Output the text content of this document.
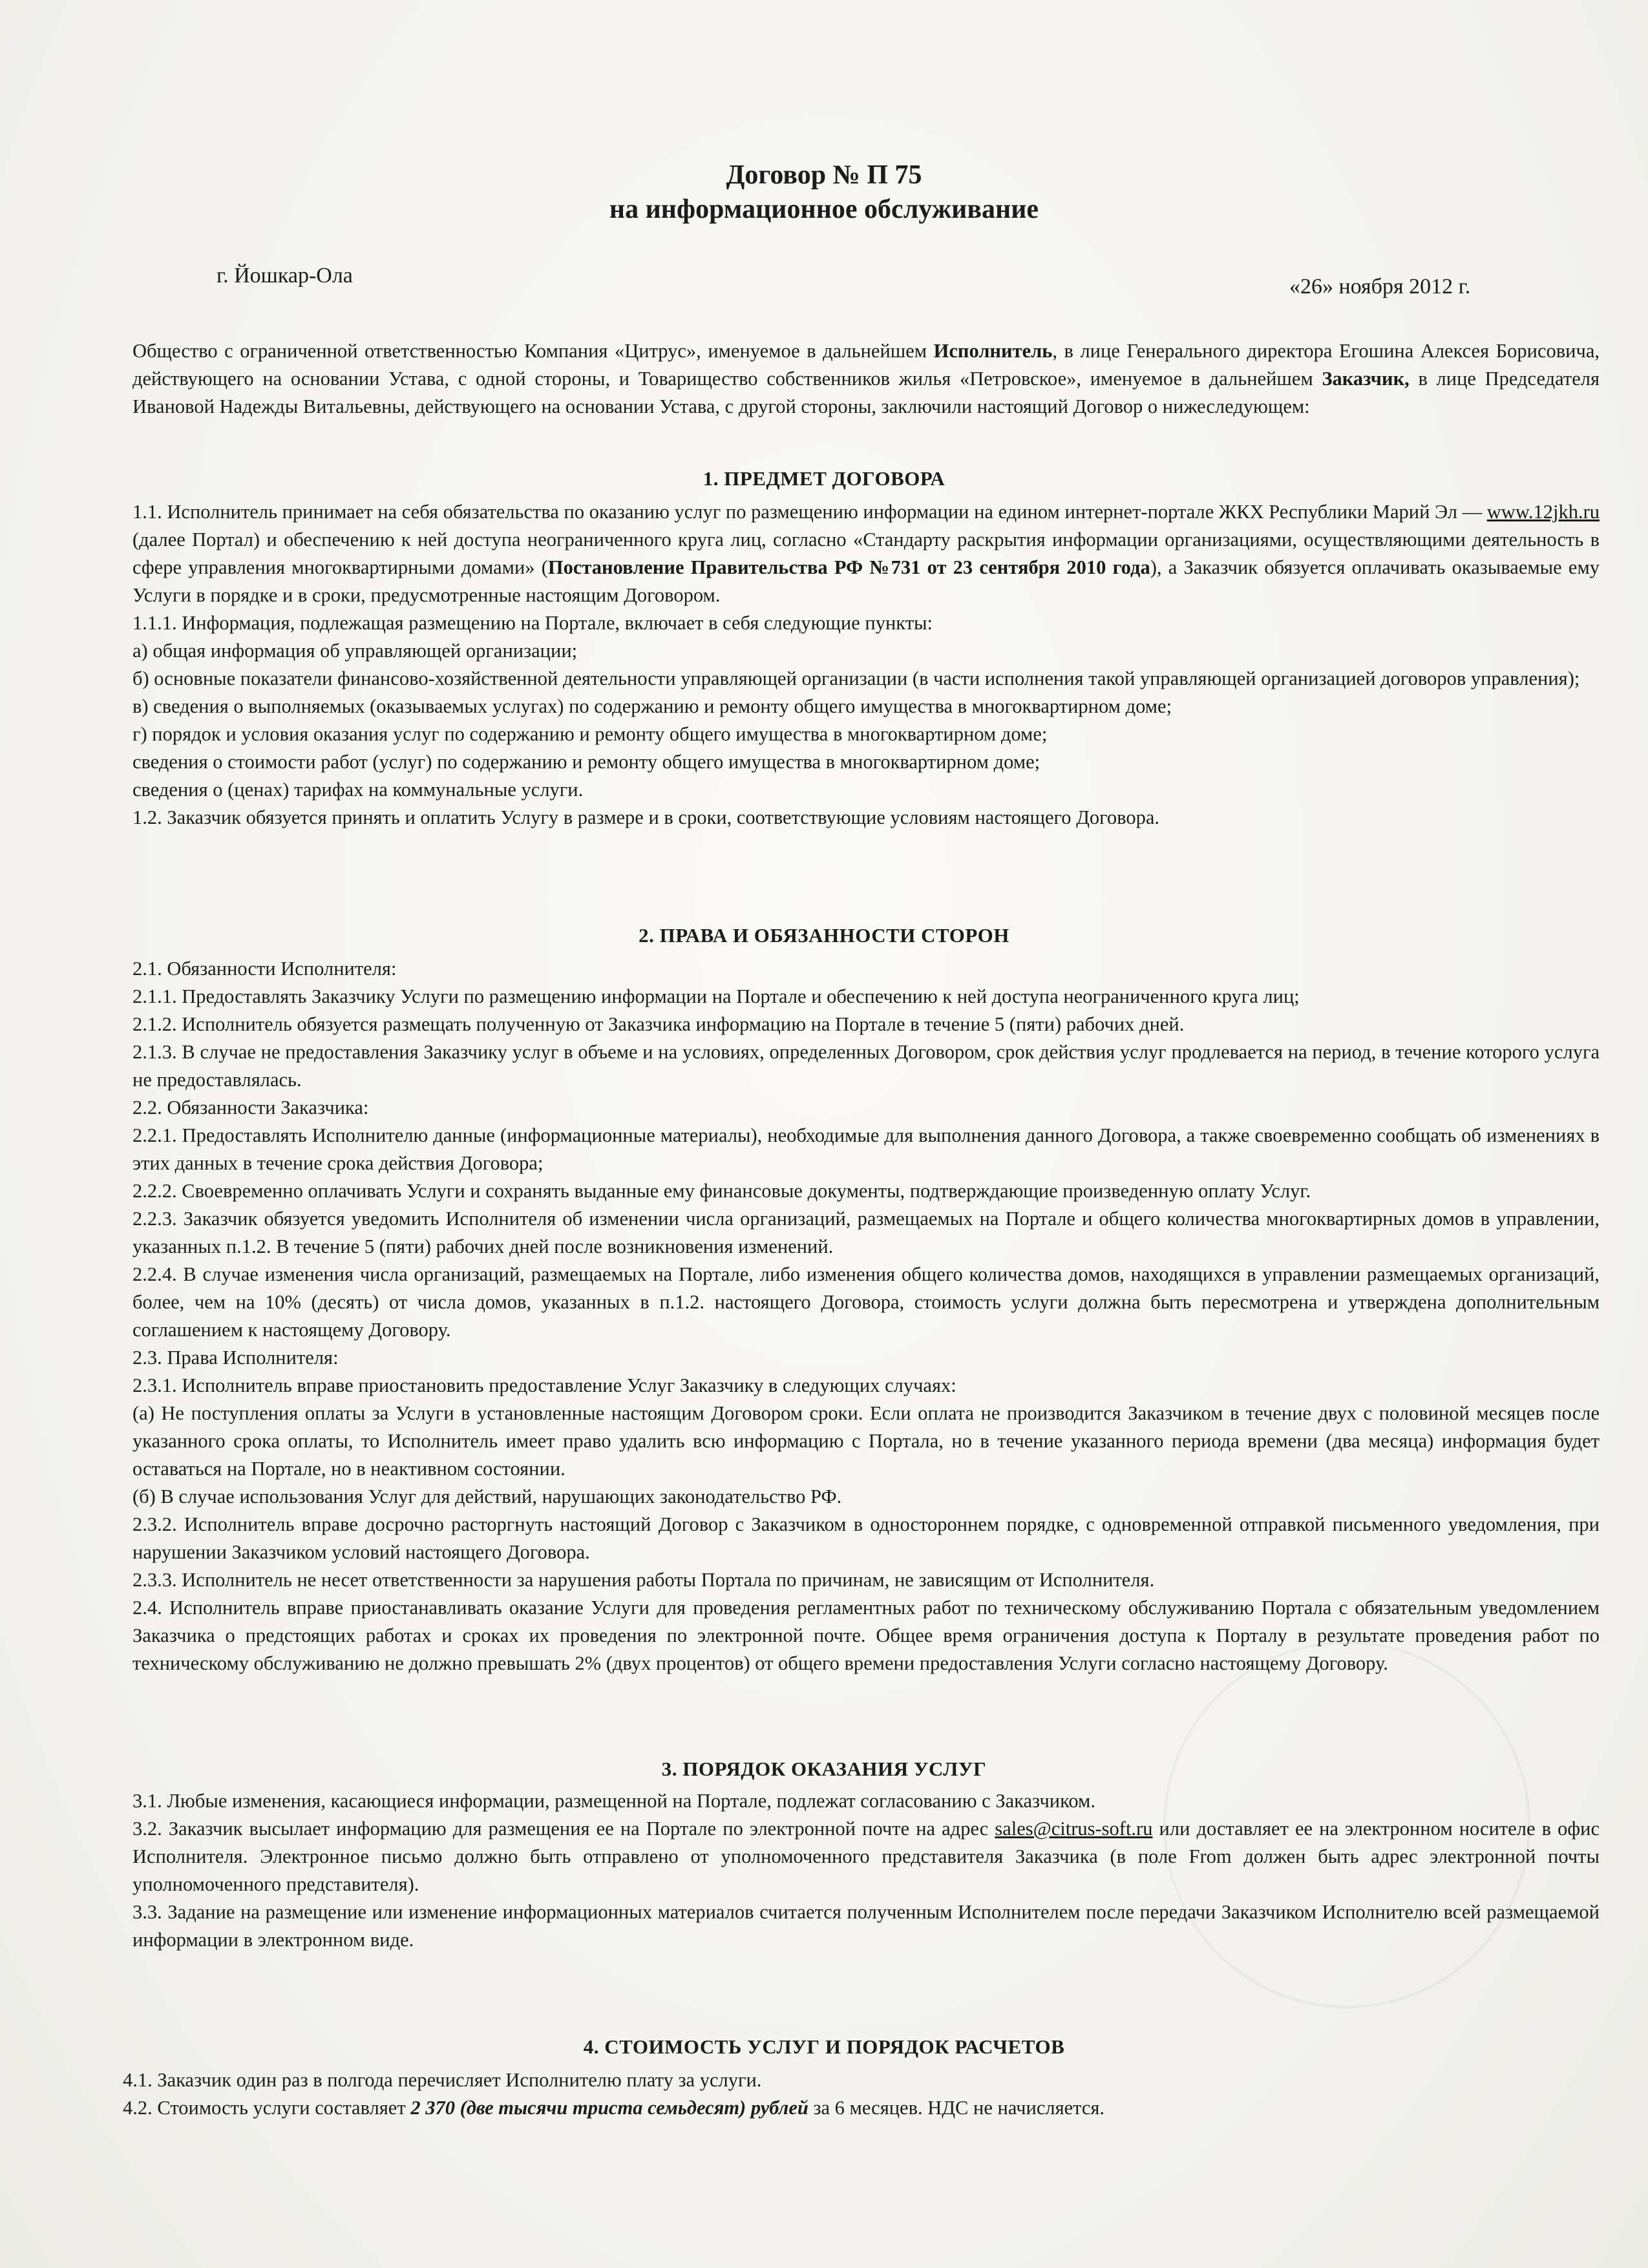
Договор № П 75
на информационное обслуживание
г. Йошкар-Ола	«26» ноября 2012 г.

Общество с ограниченной ответственностью Компания «Цитрус», именуемое в дальнейшем Исполнитель, в лице Генерального директора Егошина Алексея Борисовича, действующего на основании Устава, с одной стороны, и Товарищество собственников жилья «Петровское», именуемое в дальнейшем Заказчик, в лице Председателя Ивановой Надежды Витальевны, действующего на основании Устава, с другой стороны, заключили настоящий Договор о нижеследующем:

1. ПРЕДМЕТ ДОГОВОРА

1.1. Исполнитель принимает на себя обязательства по оказанию услуг по размещению информации на едином интернет-портале ЖКХ Республики Марий Эл — www.12jkh.ru (далее Портал) и обеспечению к ней доступа неограниченного круга лиц, согласно «Стандарту раскрытия информации организациями, осуществляющими деятельность в сфере управления многоквартирными домами» (Постановление Правительства РФ №731 от 23 сентября 2010 года), а Заказчик обязуется оплачивать оказываемые ему Услуги в порядке и в сроки, предусмотренные настоящим Договором.

1.1.1. Информация, подлежащая размещению на Портале, включает в себя следующие пункты:

а) общая информация об управляющей организации;

б) основные показатели финансово-хозяйственной деятельности управляющей организации (в части исполнения такой управляющей организацией договоров управления);

в) сведения о выполняемых (оказываемых услугах) по содержанию и ремонту общего имущества в многоквартирном доме;

г) порядок и условия оказания услуг по содержанию и ремонту общего имущества в многоквартирном доме;

сведения о стоимости работ (услуг) по содержанию и ремонту общего имущества в многоквартирном доме;

сведения о (ценах) тарифах на коммунальные услуги.

1.2. Заказчик обязуется принять и оплатить Услугу в размере и в сроки, соответствующие условиям настоящего Договора.

2. ПРАВА И ОБЯЗАННОСТИ СТОРОН

2.1. Обязанности Исполнителя:

2.1.1. Предоставлять Заказчику Услуги по размещению информации на Портале и обеспечению к ней доступа неограниченного круга лиц;

2.1.2. Исполнитель обязуется размещать полученную от Заказчика информацию на Портале в течение 5 (пяти) рабочих дней.

2.1.3. В случае не предоставления Заказчику услуг в объеме и на условиях, определенных Договором, срок действия услуг продлевается на период, в течение которого услуга не предоставлялась.

2.2. Обязанности Заказчика:

2.2.1. Предоставлять Исполнителю данные (информационные материалы), необходимые для выполнения данного Договора, а также своевременно сообщать об изменениях в этих данных в течение срока действия Договора;

2.2.2. Своевременно оплачивать Услуги и сохранять выданные ему финансовые документы, подтверждающие произведенную оплату Услуг.

2.2.3. Заказчик обязуется уведомить Исполнителя об изменении числа организаций, размещаемых на Портале и общего количества многоквартирных домов в управлении, указанных п.1.2. В течение 5 (пяти) рабочих дней после возникновения изменений.

2.2.4. В случае изменения числа организаций, размещаемых на Портале, либо изменения общего количества домов, находящихся в управлении размещаемых организаций, более, чем на 10% (десять) от числа домов, указанных в п.1.2. настоящего Договора, стоимость услуги должна быть пересмотрена и утверждена дополнительным соглашением к настоящему Договору.

2.3. Права Исполнителя:

2.3.1. Исполнитель вправе приостановить предоставление Услуг Заказчику в следующих случаях:

(а) Не поступления оплаты за Услуги в установленные настоящим Договором сроки. Если оплата не производится Заказчиком в течение двух с половиной месяцев после указанного срока оплаты, то Исполнитель имеет право удалить всю информацию с Портала, но в течение указанного периода времени (два месяца) информация будет оставаться на Портале, но в неактивном состоянии.

(б) В случае использования Услуг для действий, нарушающих законодательство РФ.

2.3.2. Исполнитель вправе досрочно расторгнуть настоящий Договор с Заказчиком в одностороннем порядке, с одновременной отправкой письменного уведомления, при нарушении Заказчиком условий настоящего Договора.

2.3.3. Исполнитель не несет ответственности за нарушения работы Портала по причинам, не зависящим от Исполнителя.

2.4. Исполнитель вправе приостанавливать оказание Услуги для проведения регламентных работ по техническому обслуживанию Портала с обязательным уведомлением Заказчика о предстоящих работах и сроках их проведения по электронной почте. Общее время ограничения доступа к Порталу в результате проведения работ по техническому обслуживанию не должно превышать 2% (двух процентов) от общего времени предоставления Услуги согласно настоящему Договору.

3. ПОРЯДОК ОКАЗАНИЯ УСЛУГ

3.1. Любые изменения, касающиеся информации, размещенной на Портале, подлежат согласованию с Заказчиком.

3.2. Заказчик высылает информацию для размещения ее на Портале по электронной почте на адрес sales@citrus-soft.ru или доставляет ее на электронном носителе в офис Исполнителя. Электронное письмо должно быть отправлено от уполномоченного представителя Заказчика (в поле From должен быть адрес электронной почты уполномоченного представителя).

3.3. Задание на размещение или изменение информационных материалов считается полученным Исполнителем после передачи Заказчиком Исполнителю всей размещаемой информации в электронном виде.

4. СТОИМОСТЬ УСЛУГ И ПОРЯДОК РАСЧЕТОВ

4.1. Заказчик один раз в полгода перечисляет Исполнителю плату за услуги.

4.2. Стоимость услуги составляет 2 370 (две тысячи триста семьдесят) рублей за 6 месяцев. НДС не начисляется.
